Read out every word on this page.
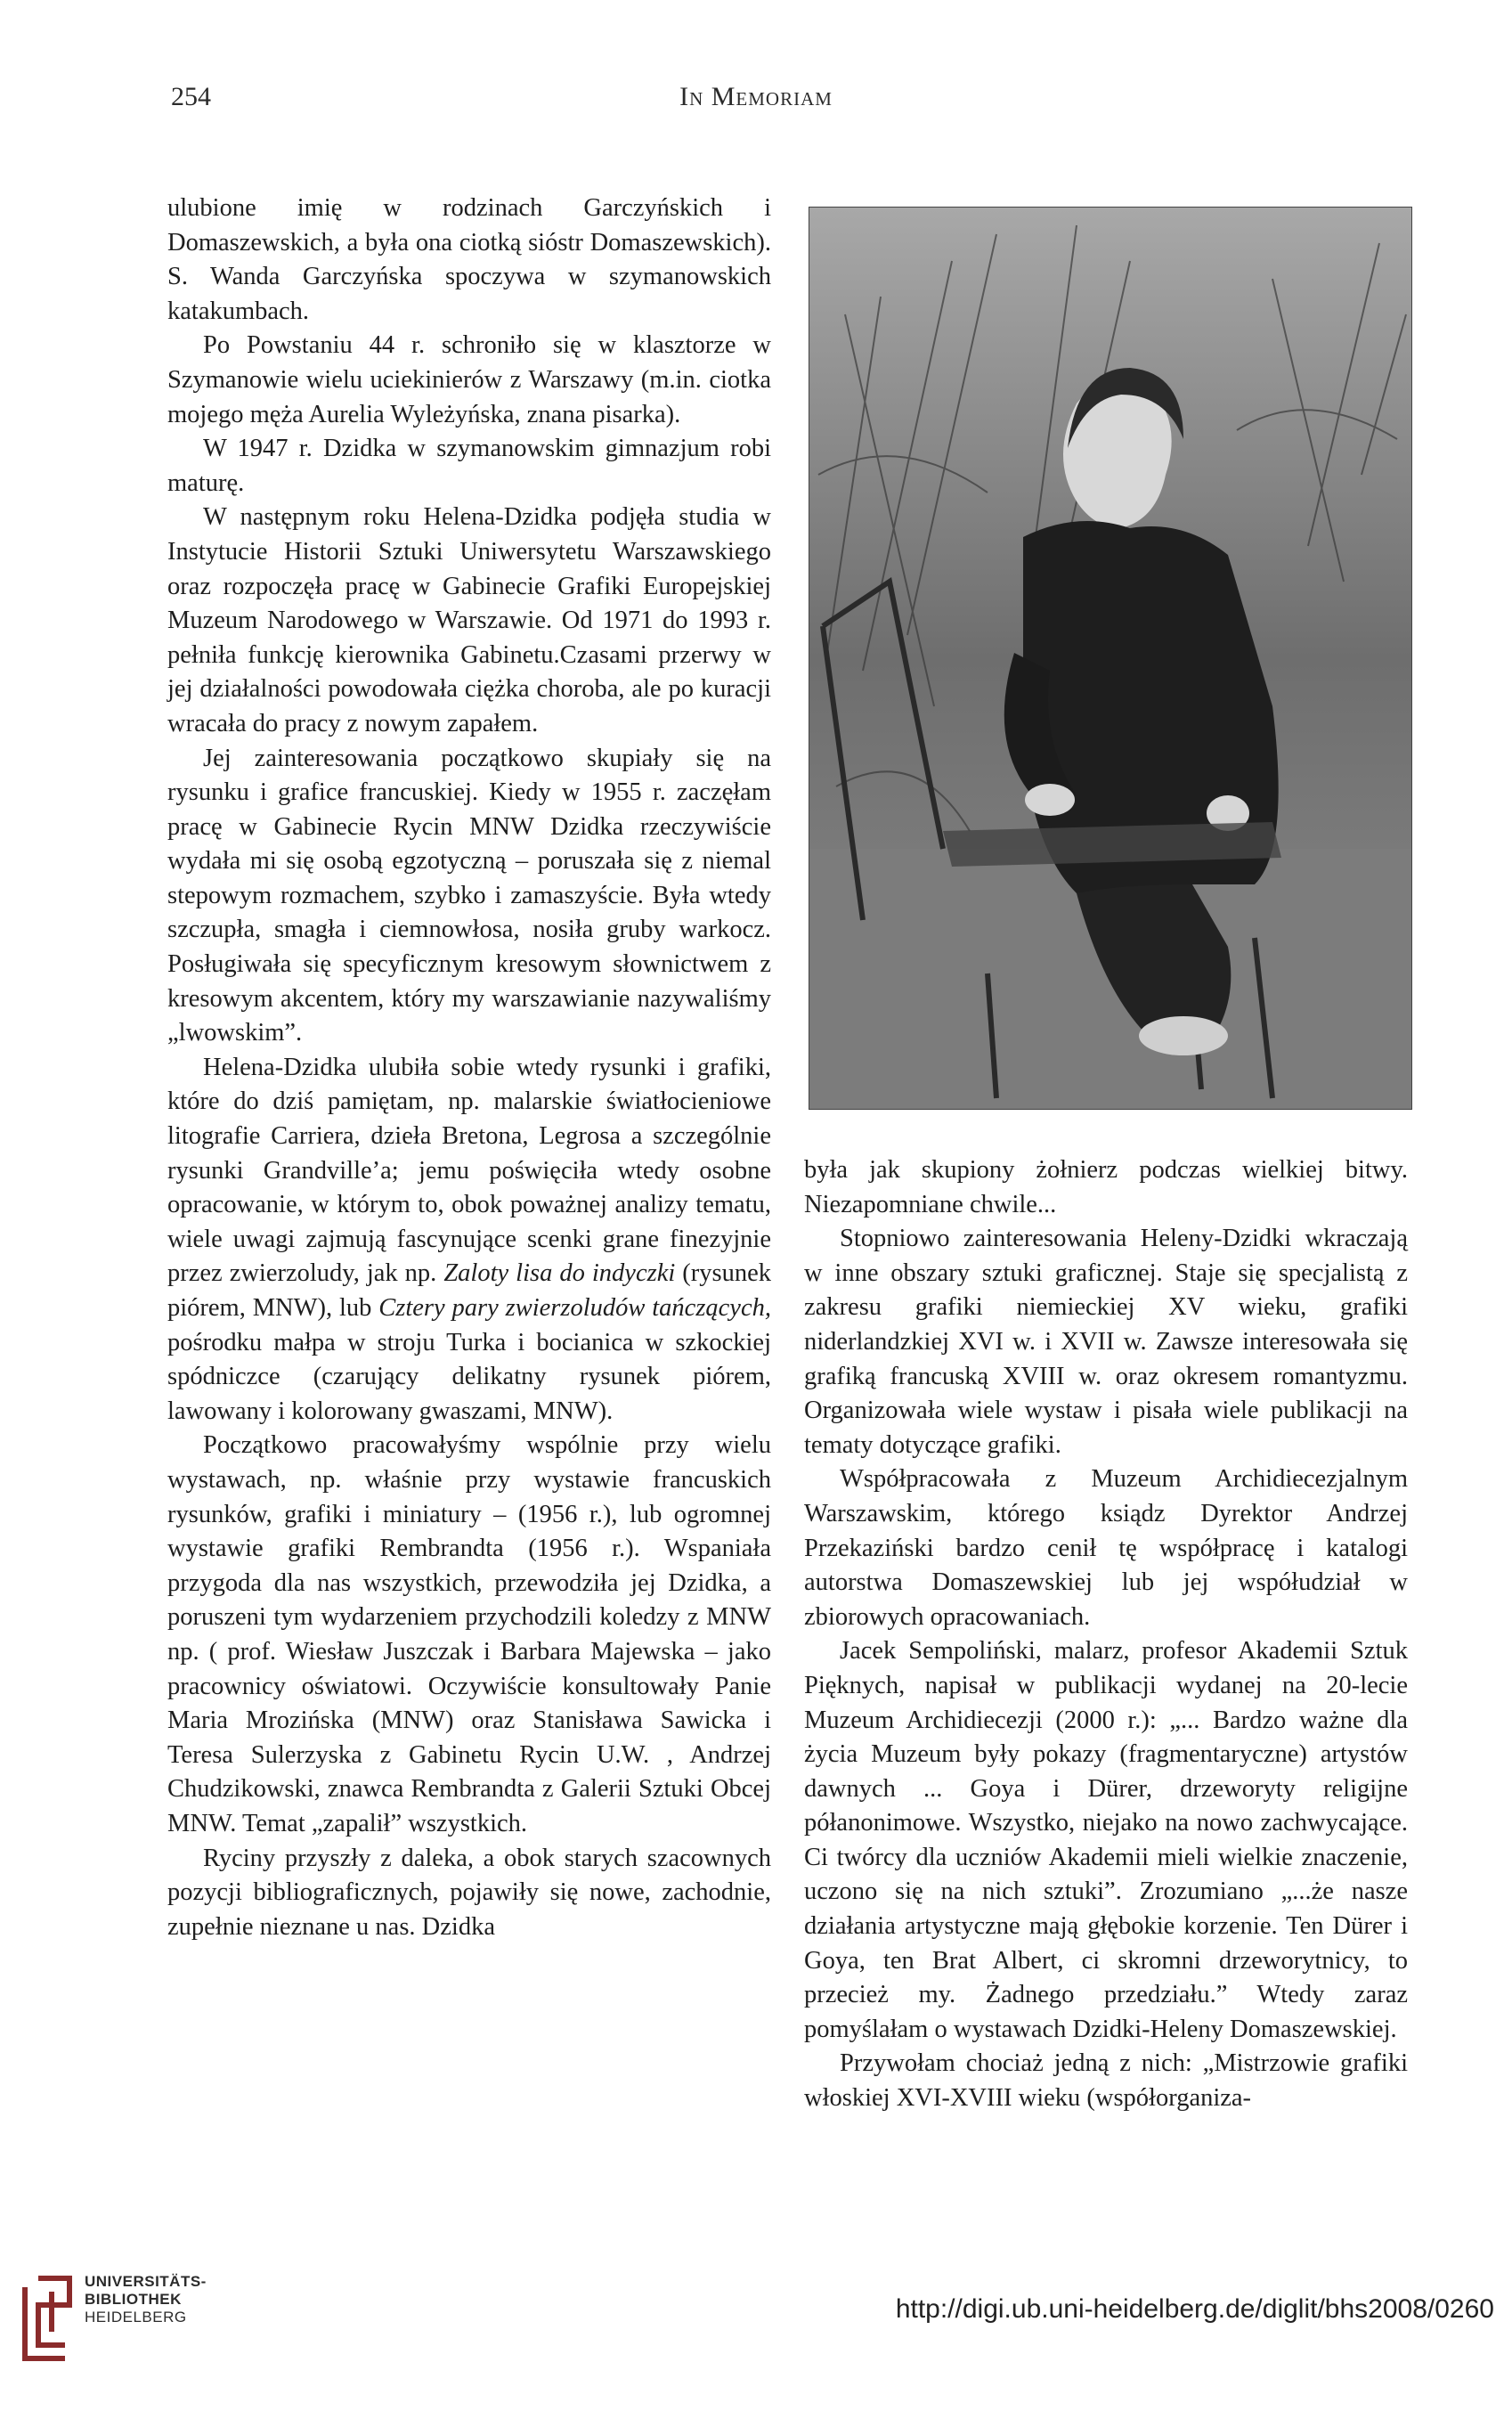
254	In Memoriam

ulubione imię w rodzinach Garczyńskich i Domaszewskich, a była ona ciotką sióstr Domaszewskich). S. Wanda Garczyńska spoczywa w szymanowskich katakumbach.

Po Powstaniu 44 r. schroniło się w klasztorze w Szymanowie wielu uciekinierów z Warszawy (m.in. ciotka mojego męża Aurelia Wyleżyńska, znana pisarka).

W 1947 r. Dzidka w szymanowskim gimnazjum robi maturę.

W następnym roku Helena-Dzidka podjęła studia w Instytucie Historii Sztuki Uniwersytetu Warszawskiego oraz rozpoczęła pracę w Gabinecie Grafiki Europejskiej Muzeum Narodowego w Warszawie. Od 1971 do 1993 r. pełniła funkcję kierownika Gabinetu.Czasami przerwy w jej działalności powodowała ciężka choroba, ale po kuracji wracała do pracy z nowym zapałem.

Jej zainteresowania początkowo skupiały się na rysunku i grafice francuskiej. Kiedy w 1955 r. zaczęłam pracę w Gabinecie Rycin MNW Dzidka rzeczywiście wydała mi się osobą egzotyczną – poruszała się z niemal stepowym rozmachem, szybko i zamaszyście. Była wtedy szczupła, smagła i ciemnowłosa, nosiła gruby warkocz. Posługiwała się specyficznym kresowym słownictwem z kresowym akcentem, który my warszawianie nazywaliśmy „lwowskim”.

Helena-Dzidka ulubiła sobie wtedy rysunki i grafiki, które do dziś pamiętam, np. malarskie światłocieniowe litografie Carriera, dzieła Bretona, Legrosa a szczególnie rysunki Grandville’a; jemu poświęciła wtedy osobne opracowanie, w którym to, obok poważnej analizy tematu, wiele uwagi zajmują fascynujące scenki grane finezyjnie przez zwierzoludy, jak np. Zaloty lisa do indyczki (rysunek piórem, MNW), lub Cztery pary zwierzoludów tańczących, pośrodku małpa w stroju Turka i bocianica w szkockiej spódniczce (czarujący delikatny rysunek piórem, lawowany i kolorowany gwaszami, MNW).

Początkowo pracowałyśmy wspólnie przy wielu wystawach, np. właśnie przy wystawie francuskich rysunków, grafiki i miniatury – (1956 r.), lub ogromnej wystawie grafiki Rembrandta (1956 r.). Wspaniała przygoda dla nas wszystkich, przewodziła jej Dzidka, a poruszeni tym wydarzeniem przychodzili koledzy z MNW np. ( prof. Wiesław Juszczak i Barbara Majewska – jako pracownicy oświatowi. Oczywiście konsultowały Panie Maria Mrozińska (MNW) oraz Stanisława Sawicka i Teresa Sulerzyska z Gabinetu Rycin U.W. , Andrzej Chudzikowski, znawca Rembrandta z Galerii Sztuki Obcej MNW. Temat „zapalił” wszystkich.

Ryciny przyszły z daleka, a obok starych szacownych pozycji bibliograficznych, pojawiły się nowe, zachodnie, zupełnie nieznane u nas. Dzidka

była jak skupiony żołnierz podczas wielkiej bitwy. Niezapomniane chwile...

Stopniowo zainteresowania Heleny-Dzidki wkraczają w inne obszary sztuki graficznej. Staje się specjalistą z zakresu grafiki niemieckiej XV wieku, grafiki niderlandzkiej XVI w. i XVII w. Zawsze interesowała się grafiką francuską XVIII w. oraz okresem romantyzmu. Organizowała wiele wystaw i pisała wiele publikacji na tematy dotyczące grafiki.

Współpracowała z Muzeum Archidiecezjalnym Warszawskim, którego ksiądz Dyrektor Andrzej Przekaziński bardzo cenił tę współpracę i katalogi autorstwa Domaszewskiej lub jej współudział w zbiorowych opracowaniach.

Jacek Sempoliński, malarz, profesor Akademii Sztuk Pięknych, napisał w publikacji wydanej na 20-lecie Muzeum Archidiecezji (2000 r.): „... Bardzo ważne dla życia Muzeum były pokazy (fragmentaryczne) artystów dawnych ... Goya i Dürer, drzeworyty religijne półanonimowe. Wszystko, niejako na nowo zachwycające. Ci twórcy dla uczniów Akademii mieli wielkie znaczenie, uczono się na nich sztuki”. Zrozumiano „...że nasze działania artystyczne mają głębokie korzenie. Ten Dürer i Goya, ten Brat Albert, ci skromni drzeworytnicy, to przecież my. Żadnego przedziału.” Wtedy zaraz pomyślałam o wystawach Dzidki-Heleny Domaszewskiej.

Przywołam chociaż jedną z nich: „Mistrzowie grafiki włoskiej XVI-XVIII wieku (współorganiza-

UNIVERSITÄTS-
BIBLIOTHEK
HEIDELBERG	http://digi.ub.uni-heidelberg.de/diglit/bhs2008/0260
